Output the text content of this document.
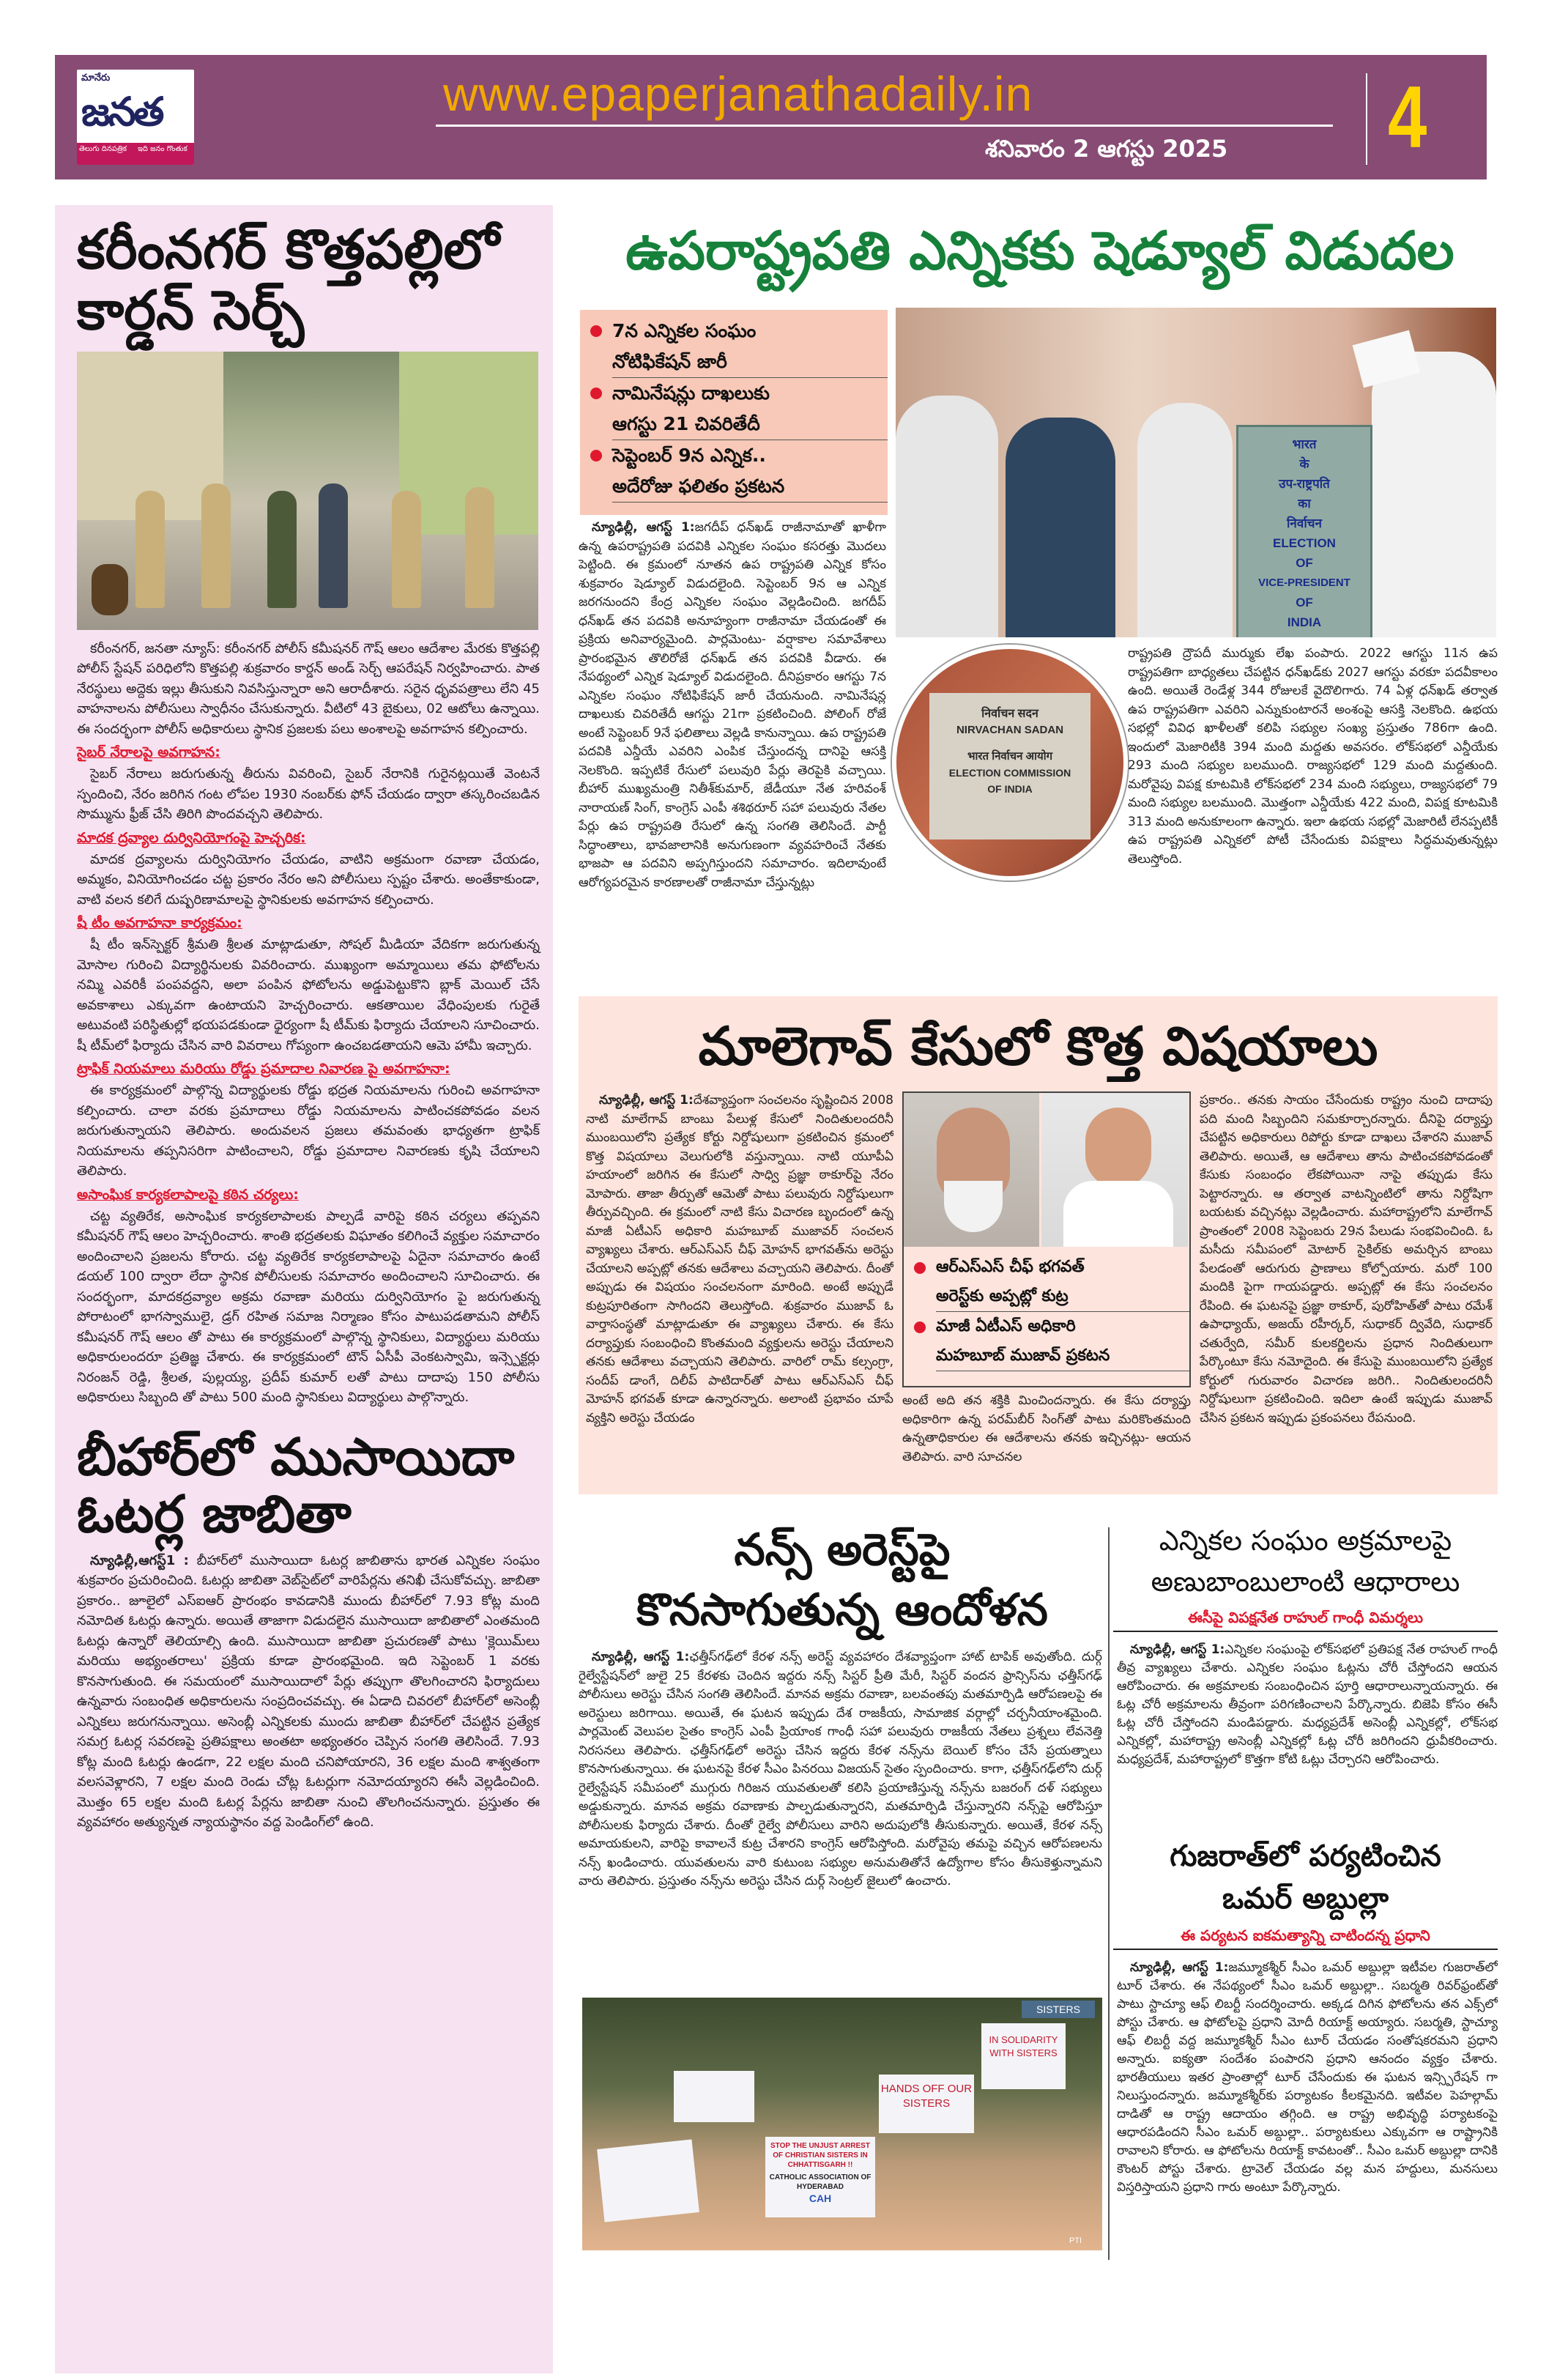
మానేరు
జనత
తెలుగు దినపత్రిక	ఇది జనం గొంతుక
www.epaperjanathadaily.in
శనివారం 2 ఆగస్టు 2025 4
కరీంనగర్ కొత్తపల్లిలో కార్డన్ సెర్చ్

కరీంనగర్, జనతా న్యూస్: కరీంనగర్ పోలీస్ కమీషనర్ గౌష్ ఆలం ఆదేశాల మేరకు కొత్తపల్లి పోలీస్ స్టేషన్ పరిధిలోని కొత్తపల్లి శుక్రవారం కార్డన్ అండ్ సెర్చ్ ఆపరేషన్ నిర్వహించారు. పాత నేరస్థులు అద్దెకు ఇల్లు తీసుకుని నివసిస్తున్నారా అని ఆరాదీశారు. సరైన ధృవపత్రాలు లేని 45 వాహనాలను పోలీసులు స్వాధీనం చేసుకున్నారు. వీటిలో 43 బైకులు, 02 ఆటోలు ఉన్నాయి. ఈ సందర్భంగా పోలీస్ అధికారులు స్థానిక ప్రజలకు పలు అంశాలపై అవగాహన కల్పించారు.

సైబర్ నేరాలపై అవగాహన:

సైబర్ నేరాలు జరుగుతున్న తీరును వివరించి, సైబర్ నేరానికి గురైనట్లయితే వెంటనే స్పందించి, నేరం జరిగిన గంట లోపల 1930 నంబర్‌కు ఫోన్ చేయడం ద్వారా తస్కరించబడిన సొమ్మును ఫ్రీజ్ చేసి తిరిగి పొందవచ్చని తెలిపారు.

మాదక ద్రవ్యాల దుర్వినియోగంపై హెచ్చరిక:

మాదక ద్రవ్యాలను దుర్వినియోగం చేయడం, వాటిని అక్రమంగా రవాణా చేయడం, అమ్మకం, వినియోగించడం చట్ట ప్రకారం నేరం అని పోలీసులు స్పష్టం చేశారు. అంతేకాకుండా, వాటి వలన కలిగే దుష్పరిణామాలపై స్థానికులకు అవగాహన కల్పించారు.

షీ టీం అవగాహనా కార్యక్రమం:

షీ టీం ఇన్‌స్పెక్టర్ శ్రీమతి శ్రీలత మాట్లాడుతూ, సోషల్ మీడియా వేదికగా జరుగుతున్న మోసాల గురించి విద్యార్థినులకు వివరించారు. ముఖ్యంగా అమ్మాయిలు తమ ఫోటోలను నమ్మి ఎవరికీ పంపవద్దని, అలా పంపిన ఫోటోలను అడ్డుపెట్టుకొని బ్లాక్ మెయిల్ చేసే అవకాశాలు ఎక్కువగా ఉంటాయని హెచ్చరించారు. ఆకతాయిల వేధింపులకు గురైతే అటువంటి పరిస్థితుల్లో భయపడకుండా ధైర్యంగా షీ టీమ్‌కు ఫిర్యాదు చేయాలని సూచించారు. షీ టీమ్‌లో ఫిర్యాదు చేసిన వారి వివరాలు గోప్యంగా ఉంచబడతాయని ఆమె హామీ ఇచ్చారు.

ట్రాఫిక్ నియమాలు మరియు రోడ్డు ప్రమాదాల నివారణ పై అవగాహనా:

ఈ కార్యక్రమంలో పాల్గొన్న విద్యార్థులకు రోడ్డు భద్రత నియమాలను గురించి అవగాహనా కల్పించారు. చాలా వరకు ప్రమాదాలు రోడ్డు నియమాలను పాటించకపోవడం వలన జరుగుతున్నాయని తెలిపారు. అందువలన ప్రజలు తమవంతు భాధ్యతగా ట్రాఫిక్ నియమాలను తప్పనిసరిగా పాటించాలని, రోడ్డు ప్రమాదాల నివారణకు కృషి చేయాలని తెలిపారు.

అసాంఘిక కార్యకలాపాలపై కఠిన చర్యలు:

చట్ట వ్యతిరేక, అసాంఘిక కార్యకలాపాలకు పాల్పడే వారిపై కఠిన చర్యలు తప్పవని కమీషనర్ గౌష్ ఆలం హెచ్చరించారు. శాంతి భద్రతలకు విఘాతం కలిగించే వ్యక్తుల సమాచారం అందించాలని ప్రజలను కోరారు. చట్ట వ్యతిరేక కార్యకలాపాలపై ఏదైనా సమాచారం ఉంటే డయల్ 100 ద్వారా లేదా స్థానిక పోలీసులకు సమాచారం అందించాలని సూచించారు. ఈ సందర్భంగా, మాదకద్రవ్యాల అక్రమ రవాణా మరియు దుర్వినియోగం పై జరుగుతున్న పోరాటంలో భాగస్వాములై, డ్రగ్ రహిత సమాజ నిర్మాణం కోసం పాటుపడతామని పోలీస్ కమీషనర్ గౌష్ ఆలం తో పాటు ఈ కార్యక్రమంలో పాల్గొన్న స్థానికులు, విద్యార్థులు మరియు అధికారులందరూ ప్రతిజ్ఞ చేశారు. ఈ కార్యక్రమంలో టౌన్ ఏసీపీ వెంకటస్వామి, ఇన్స్పెక్టర్లు నిరంజన్ రెడ్డి, శ్రీలత, పుల్లయ్య, ప్రదీప్ కుమార్ లతో పాటు దాదాపు 150 పోలీసు అధికారులు సిబ్బంది తో పాటు 500 మంది స్థానికులు విద్యార్థులు పాల్గొన్నారు.

బీహార్‌లో ముసాయిదా ఓటర్ల జాబితా

న్యూఢిల్లీ,ఆగస్ట్1 : బీహార్‌లో ముసాయిదా ఓటర్ల జాబితాను భారత ఎన్నికల సంఘం శుక్రవారం ప్రచురించింది. ఓటర్లు జాబితా వెబ్‌సైట్‌లో వారిపేర్లను తనిఖీ చేసుకోవచ్చు. జాబితా ప్రకారం.. జూలైలో ఎస్ఐఆర్ ప్రారంభం కావడానికి ముందు బీహార్‌లో 7.93 కోట్ల మంది నమోదిత ఓటర్లు ఉన్నారు. అయితే తాజాగా విడుదలైన ముసాయిదా జాబితాలో ఎంతమంది ఓటర్లు ఉన్నారో తెలియాల్సి ఉంది. ముసాయిదా జాబితా ప్రచురణతో పాటు 'క్లెయిమ్‌లు మరియు అభ్యంతరాలు' ప్రక్రియ కూడా ప్రారంభమైంది. ఇది సెప్టెంబర్ 1 వరకు కొనసాగుతుంది. ఈ సమయంలో ముసాయిదాలో పేర్లు తప్పుగా తొలగించారని ఫిర్యాదులు ఉన్నవారు సంబంధిత అధికారులను సంప్రదించవచ్చు. ఈ ఏడాది చివరలో బీహార్‌లో అసెంబ్లీ ఎన్నికలు జరుగనున్నాయి. అసెంబ్లీ ఎన్నికలకు ముందు జాబితా బీహార్‌లో చేపట్టిన ప్రత్యేక సమగ్ర ఓటర్ల సవరణపై ప్రతిపక్షాలు అంతటా అభ్యంతరం చెప్పిన సంగతి తెలిసిందే. 7.93 కోట్ల మంది ఓటర్లు ఉండగా, 22 లక్షల మంది చనిపోయారని, 36 లక్షల మంది శాశ్వతంగా వలసవెళ్లారని, 7 లక్షల మంది రెండు చోట్ల ఓటర్లుగా నమోదయ్యారని ఈసీ వెల్లడించింది. మొత్తం 65 లక్షల మంది ఓటర్ల పేర్లను జాబితా నుంచి తొలగించనున్నారు. ప్రస్తుతం ఈ వ్యవహారం అత్యున్నత న్యాయస్థానం వద్ద పెండింగ్‌లో ఉంది.

ఉపరాష్ట్రపతి ఎన్నికకు షెడ్యూల్ విడుదల
7న ఎన్నికల సంఘం
నోటిఫికేషన్ జారీ
నామినేషన్లు దాఖలుకు
ఆగస్టు 21 చివరితేదీ
సెప్టెంబర్ 9న ఎన్నిక..
అదేరోజు ఫలితం ప్రకటన
भारत
के
उप-राष्ट्रपति
का
निर्वाचन
ELECTION
OF
VICE-PRESIDENT
OF
INDIA
निर्वाचन सदन
NIRVACHAN SADAN
भारत निर्वाचन आयोग
ELECTION COMMISSION
OF INDIA

న్యూఢిల్లీ, ఆగస్ట్ 1:జగదీప్ ధన్‌ఖడ్ రాజీనామాతో ఖాళీగా ఉన్న ఉపరాష్ట్రపతి పదవికి ఎన్నికల సంఘం కసరత్తు మొదలు పెట్టింది. ఈ క్రమంలో నూతన ఉప రాష్ట్రపతి ఎన్నిక కోసం శుక్రవారం షెడ్యూల్ విడుదలైంది. సెప్టెంబర్ 9న ఆ ఎన్నిక జరగనుందని కేంద్ర ఎన్నికల సంఘం వెల్లడించింది. జగదీప్ ధన్‌ఖడ్ తన పదవికి అనూహ్యంగా రాజీనామా చేయడంతో ఈ ప్రక్రియ అనివార్యమైంది. పార్లమెంటు- వర్షాకాల సమావేశాలు ప్రారంభమైన తొలిరోజే ధన్‌ఖడ్ తన పదవికి వీడారు. ఈ నేపథ్యంలో ఎన్నిక షెడ్యూల్ విడుదలైంది. దీనిప్రకారం ఆగస్టు 7న ఎన్నికల సంఘం నోటిఫికేషన్ జారీ చేయనుంది. నామినేషన్ల దాఖలుకు చివరితేదీ ఆగస్టు 21గా ప్రకటించింది. పోలింగ్ రోజే అంటే సెప్టెంబర్ 9నే ఫలితాలు వెల్లడి కానున్నాయి. ఉప రాష్ట్రపతి పదవికి ఎన్డీయే ఎవరిని ఎంపిక చేస్తుందన్న దానిపై ఆసక్తి నెలకొంది. ఇప్పటికే రేసులో పలువురి పేర్లు తెరపైకి వచ్చాయి. బీహార్ ముఖ్యమంత్రి నితీశ్‌కుమార్, జేడీయూ నేత హరివంశ్ నారాయణ్ సింగ్, కాంగ్రెస్ ఎంపీ శశిథరూర్ సహా పలువురు నేతల పేర్లు ఉప రాష్ట్రపతి రేసులో ఉన్న సంగతి తెలిసిందే. పార్టీ సిద్ధాంతాలు, భావజాలానికి అనుగుణంగా వ్యవహరించే నేతకు భాజపా ఆ పదవిని అప్పగిస్తుందని సమాచారం. ఇదిలావుంటే ఆరోగ్యపరమైన కారణాలతో రాజీనామా చేస్తున్నట్లు

రాష్ట్రపతి ద్రౌపదీ ముర్ముకు లేఖ పంపారు. 2022 ఆగస్టు 11న ఉప రాష్ట్రపతిగా బాధ్యతలు చేపట్టిన ధన్‌ఖడ్‌కు 2027 ఆగస్టు వరకూ పదవీకాలం ఉంది. అయితే రెండేళ్ల 344 రోజులకే వైదొలిగారు. 74 ఏళ్ల ధన్‌ఖడ్ తర్వాత ఉప రాష్ట్రపతిగా ఎవరిని ఎన్నుకుంటారనే అంశంపై ఆసక్తి నెలకొంది. ఉభయ సభల్లో వివిధ ఖాళీలతో కలిపి సభ్యుల సంఖ్య ప్రస్తుతం 786గా ఉంది. ఇందులో మెజారిటీకి 394 మంది మద్దతు అవసరం. లోక్‌సభలో ఎన్డీయేకు 293 మంది సభ్యుల బలముంది. రాజ్యసభలో 129 మంది మద్దతుంది. మరోవైపు విపక్ష కూటమికి లోక్‌సభలో 234 మంది సభ్యులు, రాజ్యసభలో 79 మంది సభ్యుల బలముంది. మొత్తంగా ఎన్డీయేకు 422 మంది, విపక్ష కూటమికి 313 మంది అనుకూలంగా ఉన్నారు. ఇలా ఉభయ సభల్లో మెజారిటీ లేనప్పటికీ ఉప రాష్ట్రపతి ఎన్నికలో పోటీ చేసేందుకు విపక్షాలు సిద్ధమవుతున్నట్లు తెలుస్తోంది.

మాలెగావ్ కేసులో కొత్త విషయాలు

న్యూఢిల్లీ, ఆగస్ట్ 1:దేశవ్యాప్తంగా సంచలనం సృష్టించిన 2008 నాటి మాలేగావ్ బాంబు పేలుళ్ల కేసులో నిందితులందరినీ ముంబయిలోని ప్రత్యేక కోర్టు నిర్దోషులుగా ప్రకటించిన క్రమంలో కొత్త విషయాలు వెలుగులోకి వస్తున్నాయి. నాటి యూపీఏ హయాంలో జరిగిన ఈ కేసులో సాధ్వి ప్రజ్ఞా ఠాకూర్‌పై నేరం మోపారు. తాజా తీర్పుతో ఆమెతో పాటు పలువురు నిర్దోషులుగా తీర్పువచ్చింది. ఈ క్రమంలో నాటి కేసు విచారణ బృందంలో ఉన్న మాజీ ఏటీఎస్ అధికారి మహబూబ్ ముజావర్ సంచలన వ్యాఖ్యలు చేశారు. ఆర్ఎస్ఎస్ చీఫ్ మోహన్ భాగవత్‌ను అరెస్టు చేయాలని అప్పట్లో తనకు ఆదేశాలు వచ్చాయని తెలిపారు. దీంతో అప్పుడు ఈ విషయం సంచలనంగా మారింది. అంటే అప్పుడే కుట్రపూరితంగా సాగిందని తెలుస్తోంది. శుక్రవారం ముజావ్ ఓ వార్తాసంస్థతో మాట్లాడుతూ ఈ వ్యాఖ్యలు చేశారు. ఈ కేసు దర్యాప్తుకు సంబంధించి కొంతమంది వ్యక్తులను అరెస్టు చేయాలని తనకు ఆదేశాలు వచ్చాయని తెలిపారు. వారిలో రామ్ కల్సంగ్రా, సందీప్ డాంగే, దిలీప్ పాటిదార్‌తో పాటు ఆర్ఎస్ఎస్ చీఫ్ మోహన్ భగవత్ కూడా ఉన్నారన్నారు. అలాంటి ప్రభావం చూపే వ్యక్తిని అరెస్టు చేయడం

ఆర్ఎస్ఎస్ చీఫ్ భగవత్
అరెస్ట్‌కు అప్పట్లో కుట్ర
మాజీ ఏటీఎస్ అధికారి
మహబూబ్ ముజావ్ ప్రకటన

అంటే అది తన శక్తికి మించిందన్నారు. ఈ కేసు దర్యాప్తు అధికారిగా ఉన్న పరమ్‌బీర్ సింగ్‌తో పాటు మరికొంతమంది ఉన్నతాధికారుల ఈ ఆదేశాలను తనకు ఇచ్చినట్లు- ఆయన తెలిపారు. వారి సూచనల

ప్రకారం.. తనకు సాయం చేసేందుకు రాష్ట్రం నుంచి దాదాపు పది మంది సిబ్బందిని సమకూర్చారన్నారు. దీనిపై దర్యాప్తు చేపట్టిన అధికారులు రిపోర్టు కూడా దాఖలు చేశారని ముజావ్ తెలిపారు. అయితే, ఆ ఆదేశాలు తాను పాటించకపోవడంతో కేసుకు సంబంధం లేకపోయినా నాపై తప్పుడు కేసు పెట్టారన్నారు. ఆ తర్వాత వాటన్నింటిలో తాను నిర్దోషిగా బయటకు వచ్చినట్లు వెల్లడించారు. మహారాష్ట్రలోని మాలేగావ్ ప్రాంతంలో 2008 సెప్టెంబరు 29న పేలుడు సంభవించింది. ఓ మసీదు సమీపంలో మోటార్ సైకిల్‌కు అమర్చిన బాంబు పేలడంతో ఆరుగురు ప్రాణాలు కోల్పోయారు. మరో 100 మందికి పైగా గాయపడ్డారు. అప్పట్లో ఈ కేసు సంచలనం రేపింది. ఈ ఘటనపై ప్రజ్ఞా ఠాకూర్, పురోహిత్‌తో పాటు రమేశ్ ఉపాధ్యాయ్, అజయ్ రహీర్కర్, సుధాకర్ ద్వివేది, సుధాకర్ చతుర్వేది, సమీర్ కులకర్ణిలను ప్రధాన నిందితులుగా పేర్కొంటూ కేసు నమోదైంది. ఈ కేసుపై ముంబయిలోని ప్రత్యేక కోర్టులో గురువారం విచారణ జరిగి.. నిందితులందరినీ నిర్దోషులుగా ప్రకటించింది. ఇదిలా ఉంటే ఇప్పుడు ముజావ్ చేసిన ప్రకటన ఇప్పుడు ప్రకంపనలు రేపనుంది.

నన్స్ అరెస్ట్‌పై
కొనసాగుతున్న ఆందోళన

న్యూఢిల్లీ, ఆగస్ట్ 1:ఛత్తీస్‌గఢ్‌లో కేరళ నన్స్ అరెస్ట్ వ్యవహారం దేశవ్యాప్తంగా హాట్ టాపిక్ అవుతోంది. దుర్గ్ రైల్వేస్టేషన్‌లో జులై 25 కేరళకు చెందిన ఇద్దరు నన్స్ సిస్టర్ ప్రీతి మేరీ, సిస్టర్ వందన ఫ్రాన్సిస్‌ను ఛత్తీస్‌గఢ్ పోలీసులు అరెస్టు చేసిన సంగతి తెలిసిందే. మానవ అక్రమ రవాణా, బలవంతపు మతమార్పిడి ఆరోపణలపై ఈ అరెస్టులు జరిగాయి. అయితే, ఈ ఘటన ఇప్పుడు దేశ రాజకీయ, సామాజిక వర్గాల్లో చర్చనీయాంశమైంది. పార్లమెంట్ వెలుపల సైతం కాంగ్రెస్ ఎంపీ ప్రియాంక గాంధీ సహా పలువురు రాజకీయ నేతలు ప్రశ్నలు లేవనెత్తి నిరసనలు తెలిపారు. ఛత్తీస్‌గఢ్‌లో అరెస్టు చేసిన ఇద్దరు కేరళ నన్స్‌ను బెయిల్ కోసం చేసే ప్రయత్నాలు కొనసాగుతున్నాయి. ఈ ఘటనపై కేరళ సీఎం పినరయి విజయన్ సైతం స్పందించారు. కాగా, ఛత్తీస్‌గఢ్‌లోని దుర్గ్ రైల్వేస్టేషన్ సమీపంలో ముగ్గురు గిరిజన యువతులతో కలిసి ప్రయాణిస్తున్న నన్స్‌ను బజరంగ్ దళ్ సభ్యులు అడ్డుకున్నారు. మానవ అక్రమ రవాణాకు పాల్పడుతున్నారని, మతమార్పిడి చేస్తున్నారని నన్స్‌పై ఆరోపిస్తూ పోలీసులకు ఫిర్యాదు చేశారు. దీంతో రైల్వే పోలీసులు వారిని అదుపులోకి తీసుకున్నారు. అయితే, కేరళ నన్స్‌ అమాయకులని, వారిపై కావాలనే కుట్ర చేశారని కాంగ్రెస్ ఆరోపిస్తోంది. మరోవైపు తమపై వచ్చిన ఆరోపణలను నన్స్‌ ఖండించారు. యువతులను వారి కుటుంబ సభ్యుల అనుమతితోనే ఉద్యోగాల కోసం తీసుకెళ్తున్నామని వారు తెలిపారు. ప్రస్తుతం నన్స్‌ను అరెస్టు చేసిన దుర్గ్ సెంట్రల్ జైలులో ఉంచారు.

STOP THE UNJUST ARREST OF CHRISTIAN SISTERS IN CHHATTISGARH !!
CATHOLIC ASSOCIATION OF HYDERABAD
CAH
HANDS OFF OUR SISTERS
IN SOLIDARITY WITH SISTERS
SISTERS
PTI
ఎన్నికల సంఘం అక్రమాలపై
అణుబాంబులాంటి ఆధారాలు
ఈసీపై విపక్షనేత రాహుల్ గాంధీ విమర్శలు

న్యూఢిల్లీ, ఆగస్ట్ 1:ఎన్నికల సంఘంపై లోక్‌సభలో ప్రతిపక్ష నేత రాహుల్ గాంధీ తీవ్ర వ్యాఖ్యలు చేశారు. ఎన్నికల సంఘం ఓట్లను చోరీ చేస్తోందని ఆయన ఆరోపించారు. ఈ అక్రమాలకు సంబంధించిన పూర్తి ఆధారాలున్నాయన్నారు. ఈ ఓట్ల చోరీ అక్రమాలను తీవ్రంగా పరిగణించాలని పేర్కొన్నారు. బిజెపి కోసం ఈసీ ఓట్ల చోరీ చేస్తోందని మండిపడ్డారు. మధ్యప్రదేశ్ అసెంబ్లీ ఎన్నికల్లో, లోక్‌సభ ఎన్నికల్లో, మహారాష్ట్ర అసెంబ్లీ ఎన్నికల్లో ఓట్ల చోరీ జరిగిందని ధ్రువీకరించారు. మధ్యప్రదేశ్, మహారాష్ట్రలో కొత్తగా కోటి ఓట్లు చేర్చారని ఆరోపించారు.

గుజరాత్‌లో పర్యటించిన
ఒమర్ అబ్దుల్లా
ఈ పర్యటన ఐకమత్యాన్ని చాటిందన్న ప్రధాని

న్యూఢిల్లీ, ఆగస్ట్ 1:జమ్మూకశ్మీర్ సీఎం ఒమర్ అబ్దుల్లా ఇటీవల గుజరాత్‌లో టూర్ చేశారు. ఈ నేపథ్యంలో సీఎం ఒమర్ అబ్దుల్లా.. సబర్మతి రివర్‌ఫ్రంట్‌తో పాటు స్టాచ్యూ ఆఫ్ లిబర్టీ సందర్శించారు. అక్కడ దిగిన ఫోటోలను తన ఎక్స్‌లో పోస్టు చేశారు. ఆ ఫోటోలపై ప్రధాని మోదీ రియాక్ట్ అయ్యారు. సబర్మతి, స్టాచ్యూ ఆఫ్ లిబర్టీ వద్ద జమ్మూకశ్మీర్ సీఎం టూర్ చేయడం సంతోషకరమని ప్రధాని అన్నారు. ఐక్యతా సందేశం పంపారని ప్రధాని ఆనందం వ్యక్తం చేశారు. భారతీయులు ఇతర ప్రాంతాల్లో టూర్ చేసేందుకు ఈ ఘటన ఇన్స్పిరేషన్ గా నిలుస్తుందన్నారు. జమ్మూకశ్మీర్‌కు పర్యాటకం కీలకమైనది. ఇటీవల పెహల్గామ్ దాడితో ఆ రాష్ట్ర ఆదాయం తగ్గింది. ఆ రాష్ట్ర అభివృద్ధి పర్యాటకంపై ఆధారపడిందని సీఎం ఒమర్ అబ్దుల్లా.. పర్యాటకులు ఎక్కువగా ఆ రాష్ట్రానికి రావాలని కోరారు. ఆ ఫోటోలను రియాక్ట్ కావటంతో.. సీఎం ఒమర్ అబ్దుల్లా దానికి కౌంటర్ పోస్టు చేశారు. ట్రావెల్ చేయడం వల్ల మన హద్దులు, మనసులు విస్తరిస్తాయని ప్రధాని గారు అంటూ పేర్కొన్నారు.
